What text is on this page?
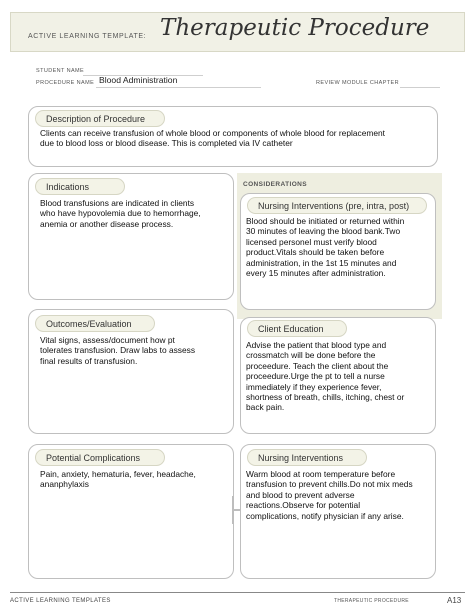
ACTIVE LEARNING TEMPLATE: Therapeutic Procedure
STUDENT NAME
PROCEDURE NAME Blood Administration	REVIEW MODULE CHAPTER
Description of Procedure
Clients can receive transfusion of whole blood or components of whole blood for replacement
due to blood loss or blood disease. This is completed via IV catheter
CONSIDERATIONS
Indications
Blood transfusions are indicated in clients
who have hypovolemia due to hemorrhage,
anemia or another disease process.
Nursing Interventions (pre, intra, post)
Blood should be initiated or returned within
30 minutes of leaving the blood bank.Two
licensed personel must verify blood
product.Vitals should be taken before
administration, in the 1st 15 minutes and
every 15 minutes after administration.
Outcomes/Evaluation
Vital signs, assess/document how pt
tolerates transfusion. Draw labs to assess
final results of transfusion.
Client Education
Advise the patient that blood type and
crossmatch will be done before the
proceedure. Teach the client about the
proceedure.Urge the pt to tell a nurse
immediately if they experience fever,
shortness of breath, chills, itching, chest or
back pain.
Potential Complications
Pain, anxiety, hematuria, fever, headache,
ananphylaxis
Nursing Interventions
Warm blood at room temperature before
transfusion to prevent chills.Do not mix meds
and blood to prevent adverse
reactions.Observe for potential
complications, notify physician if any arise.
ACTIVE LEARNING TEMPLATES	THERAPEUTIC PROCEDURE	A13
